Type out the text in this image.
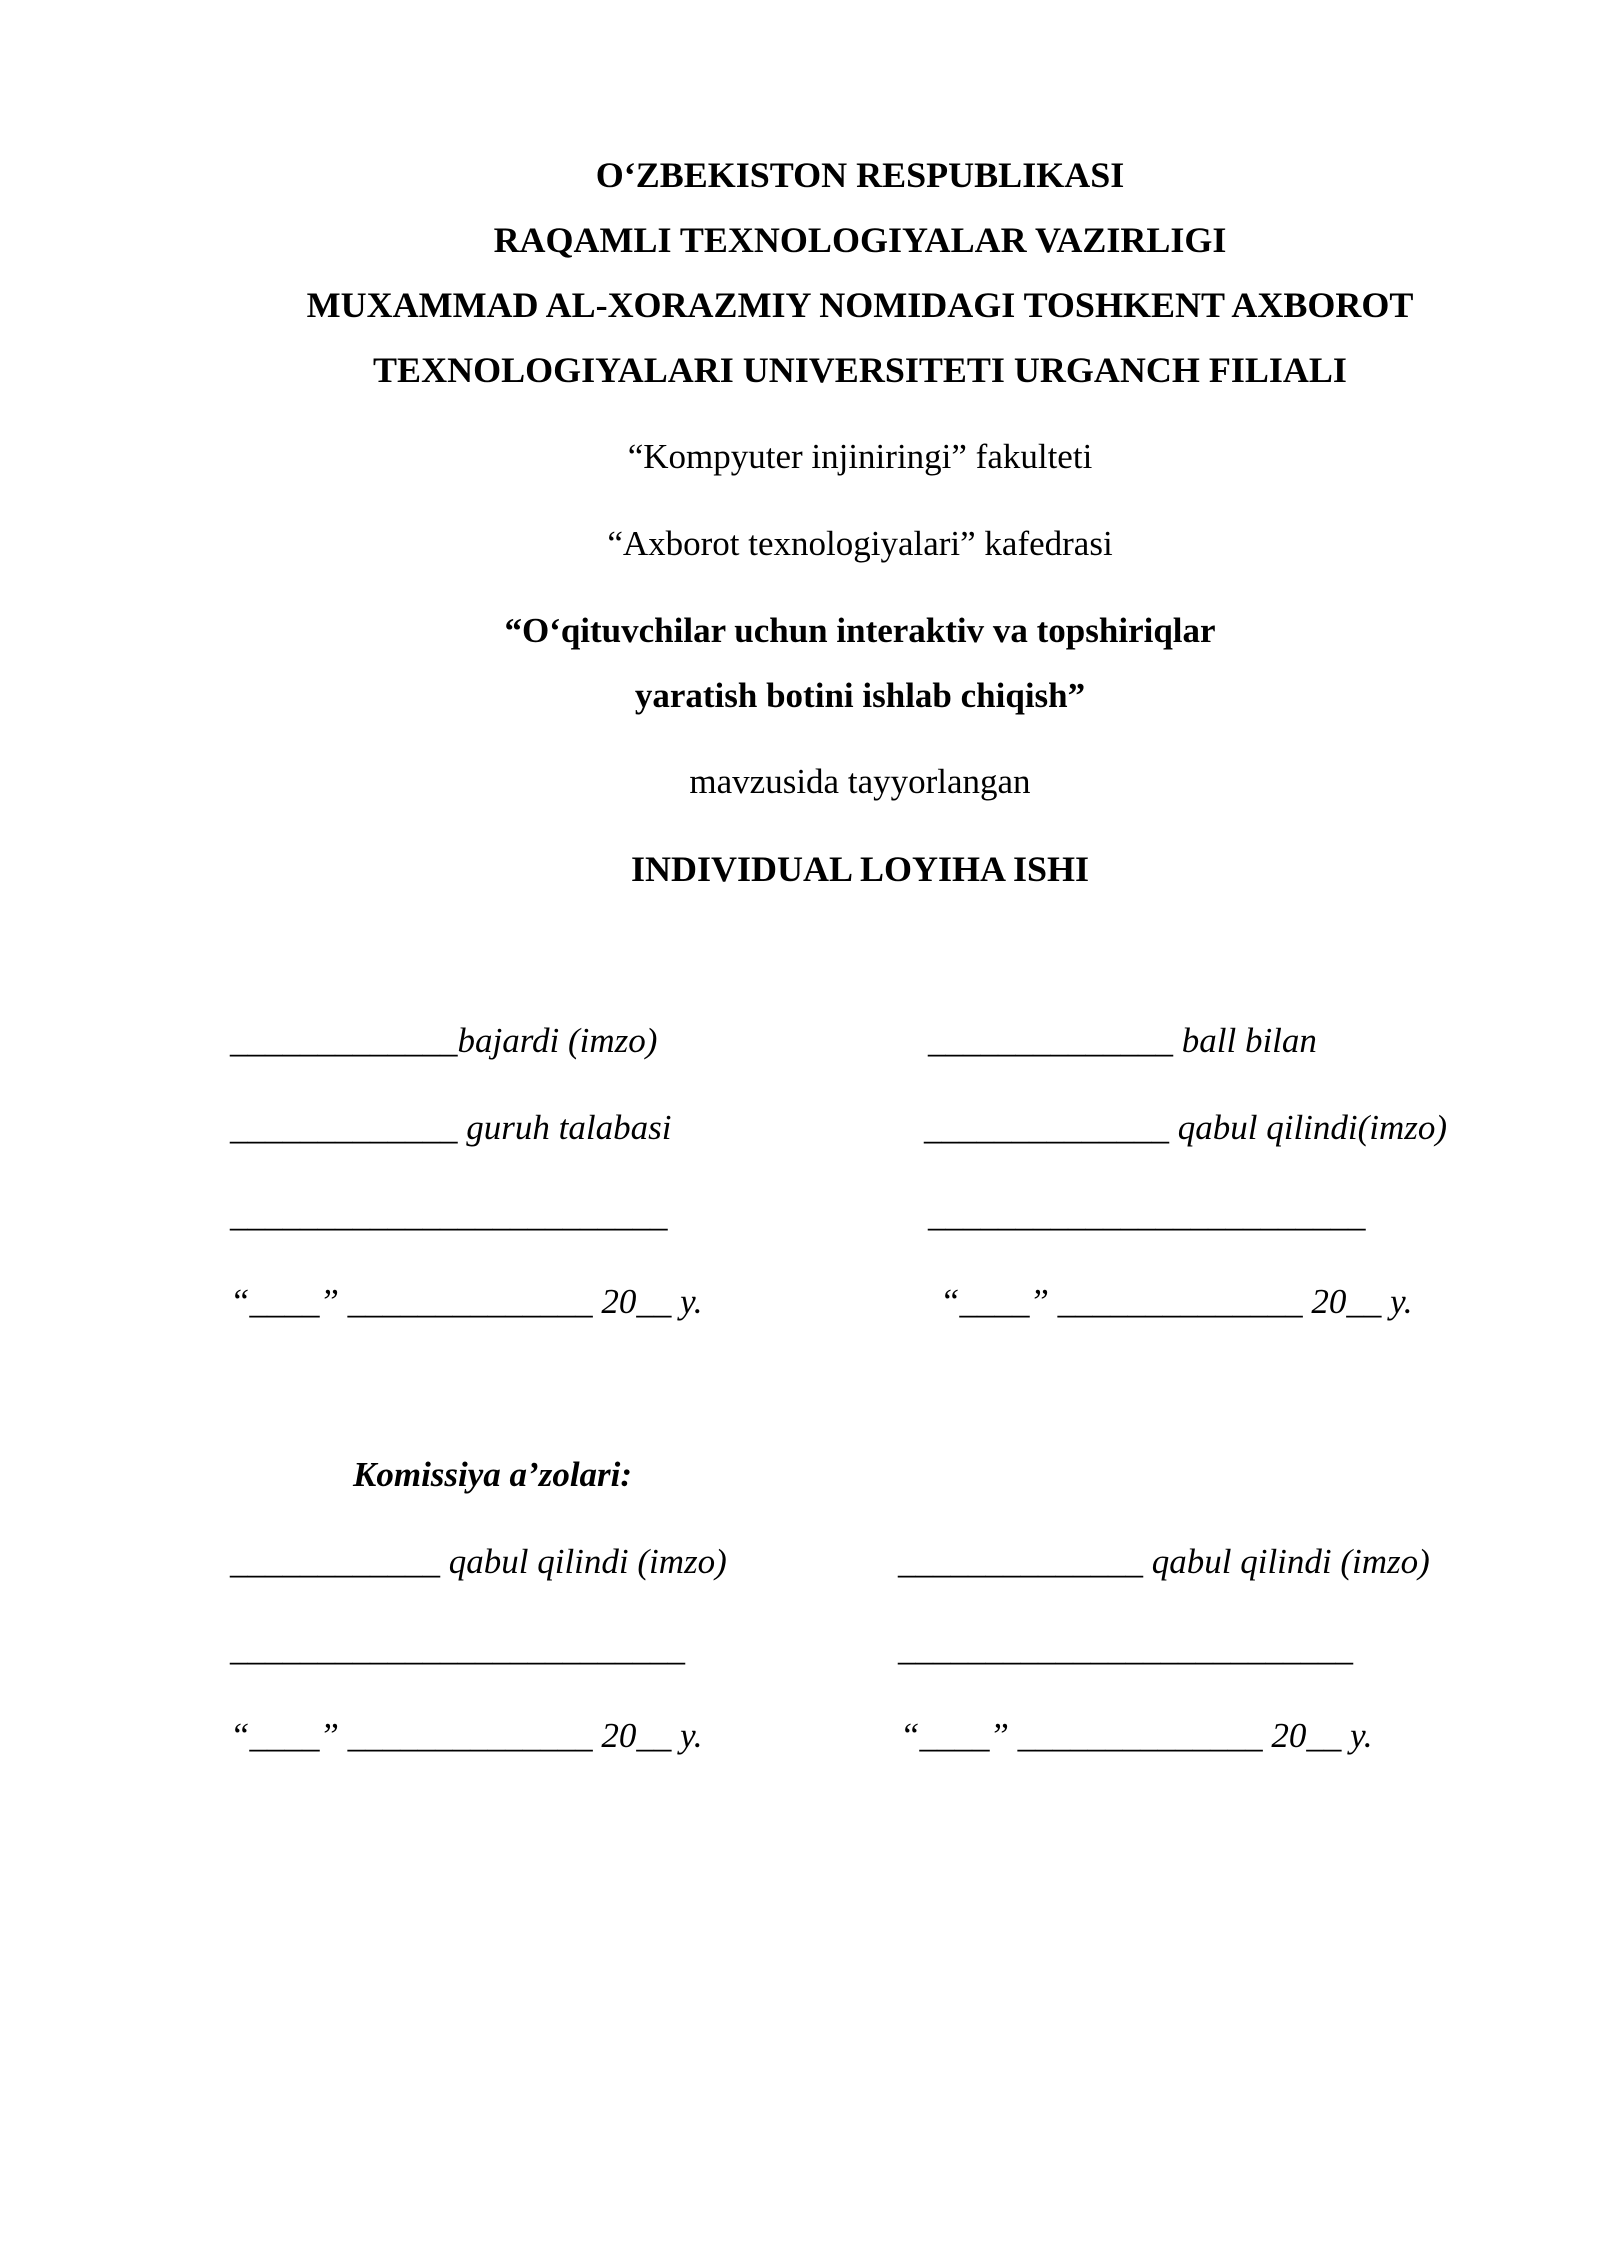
O‘ZBEKISTON RESPUBLIKASI
RAQAMLI TEXNOLOGIYALAR VAZIRLIGI
MUXAMMAD AL-XORAZMIY NOMIDAGI TOSHKENT AXBOROT
TEXNOLOGIYALARI UNIVERSITETI URGANCH FILIALI
“Kompyuter injiniringi” fakulteti
“Axborot texnologiyalari” kafedrasi
“O‘qituvchilar uchun interaktiv va topshiriqlar
yaratish botini ishlab chiqish”
mavzusida tayyorlangan
INDIVIDUAL LOYIHA ISHI
_____________bajardi (imzo)
_____________ guruh talabasi
_________________________
“____” ______________ 20__ y.
______________ ball bilan
______________ qabul qilindi(imzo)
_________________________
“____” ______________ 20__ y.
Komissiya a’zolari:
____________ qabul qilindi (imzo)
__________________________
“____” ______________ 20__ y.
______________ qabul qilindi (imzo)
__________________________
“____” ______________ 20__ y.
